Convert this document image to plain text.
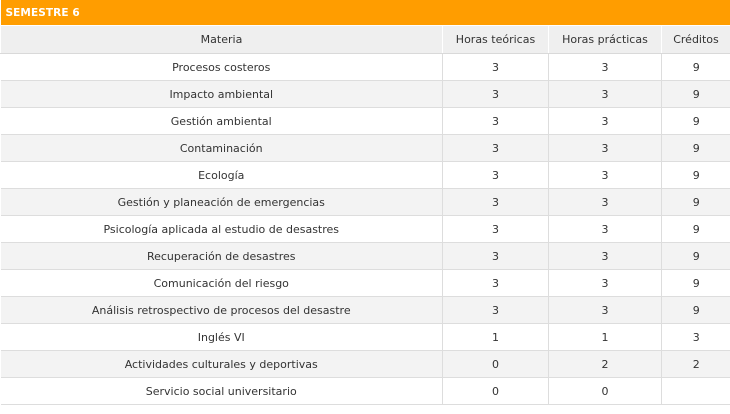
SEMESTRE 6			
Materia	Horas teóricas	Horas prácticas	Créditos
Procesos costeros	3	3	9
Impacto ambiental	3	3	9
Gestión ambiental	3	3	9
Contaminación	3	3	9
Ecología	3	3	9
Gestión y planeación de emergencias	3	3	9
Psicología aplicada al estudio de desastres	3	3	9
Recuperación de desastres	3	3	9
Comunicación del riesgo	3	3	9
Análisis retrospectivo de procesos del desastre	3	3	9
Inglés VI	1	1	3
Actividades culturales y deportivas	0	2	2
Servicio social universitario	0	0	
